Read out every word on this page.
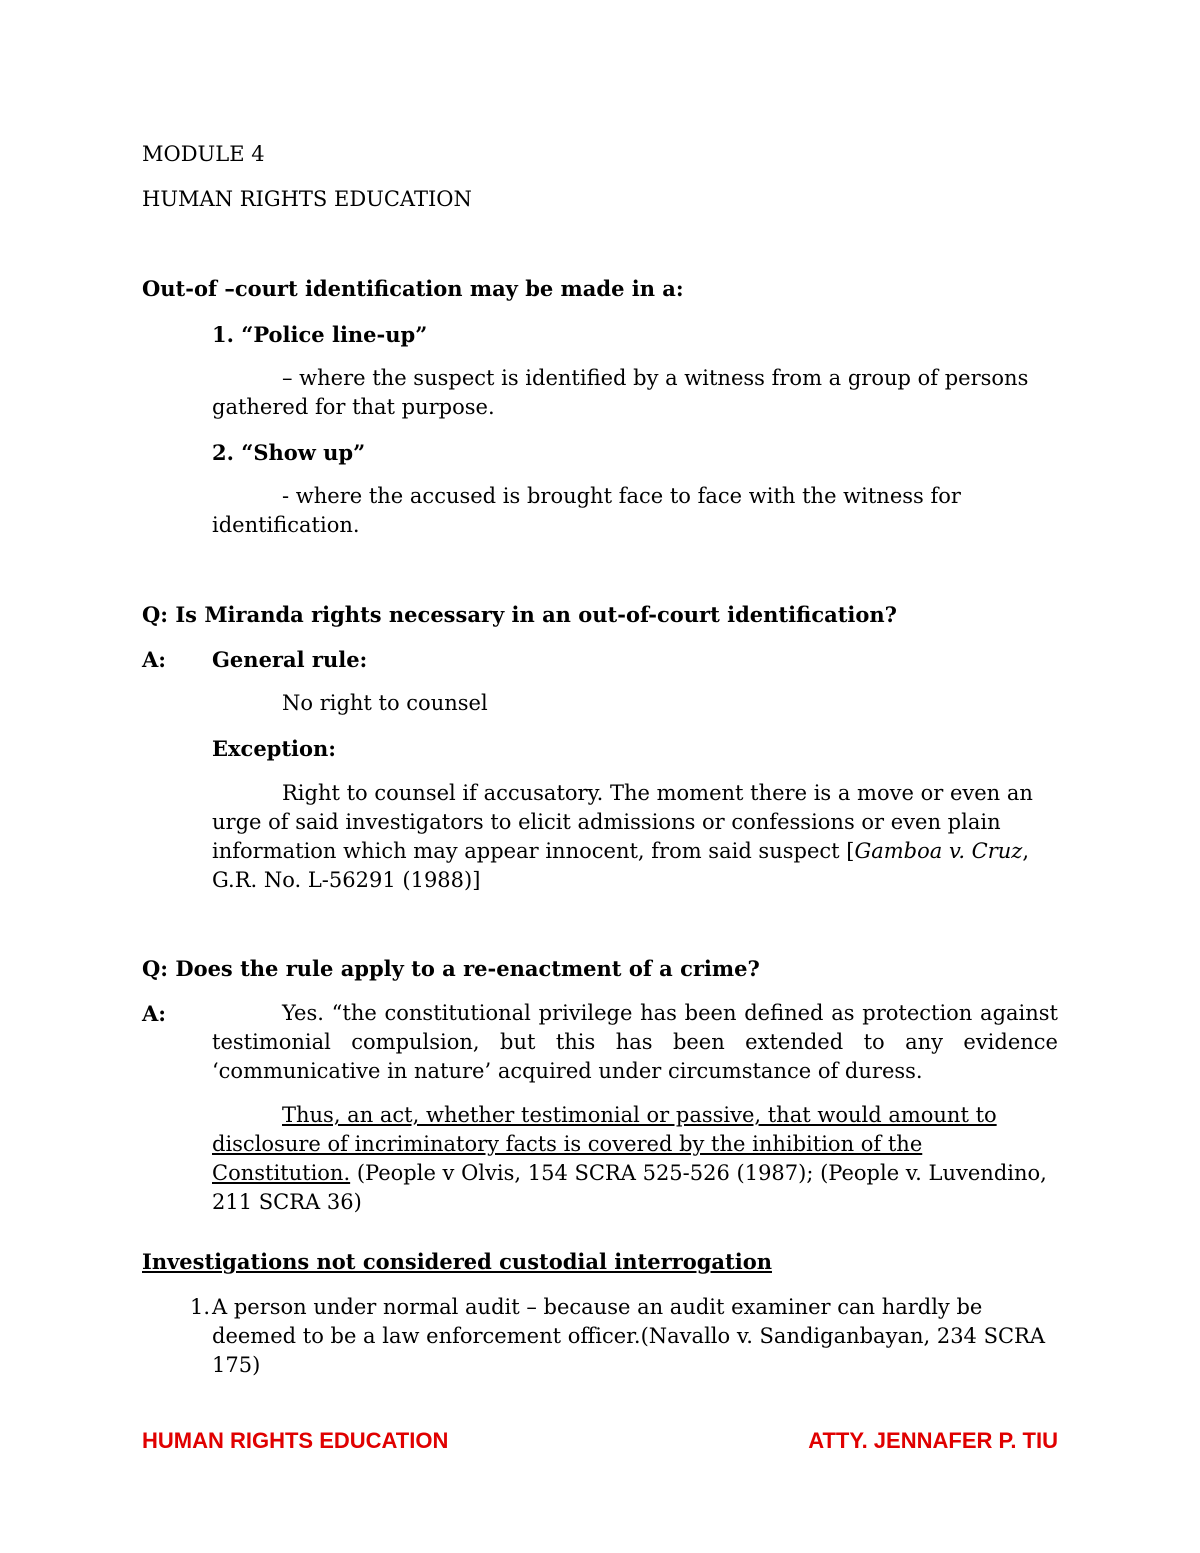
MODULE 4
HUMAN RIGHTS EDUCATION
Out-of –court identification may be made in a:
1. “Police line-up”
– where the suspect is identified by a witness from a group of persons
gathered for that purpose.
2. “Show up”
- where the accused is brought face to face with the witness for
identification.
Q: Is Miranda rights necessary in an out-of-court identification?
A: General rule:
No right to counsel
Exception:
Right to counsel if accusatory. The moment there is a move or even an urge of said investigators to elicit admissions or confessions or even plain information which may appear innocent, from said suspect [Gamboa v. Cruz, G.R. No. L-56291 (1988)]
Q: Does the rule apply to a re-enactment of a crime?
A:	Yes. “the constitutional privilege has been defined as protection against testimonial compulsion, but this has been extended to any evidence ‘communicative in nature’ acquired under circumstance of duress.
Thus, an act, whether testimonial or passive, that would amount to disclosure of incriminatory facts is covered by the inhibition of the Constitution. (People v Olvis, 154 SCRA 525-526 (1987); (People v. Luvendino, 211 SCRA 36)
Investigations not considered custodial interrogation
1. A person under normal audit – because an audit examiner can hardly be deemed to be a law enforcement officer.(Navallo v. Sandiganbayan, 234 SCRA 175)
HUMAN RIGHTS EDUCATION	ATTY. JENNAFER P. TIU
